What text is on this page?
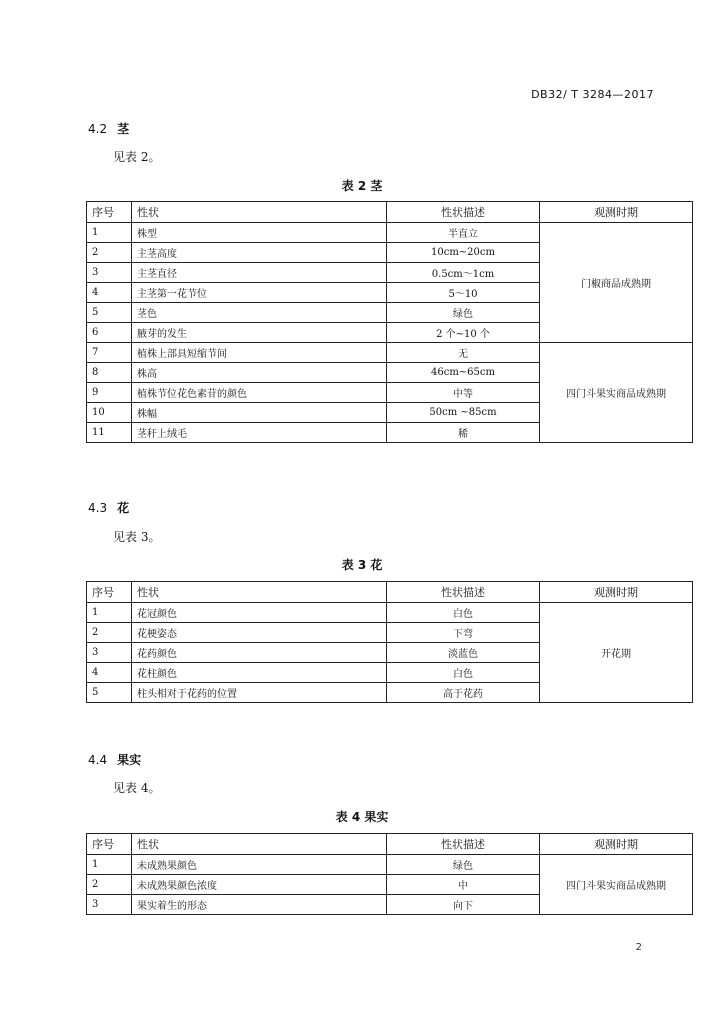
DB32/ T 3284—2017
4.2 茎
见表 2。
表 2 茎
序号	性状	性状描述	观测时期
1	株型	半直立	门椒商品成熟期
2	主茎高度	10cm~20cm	
3	主茎直径	0.5cm～1cm	
4	主茎第一花节位	5～10	
5	茎色	绿色	
6	腋芽的发生	2 个~10 个	
7	植株上部具短缩节间	无	四门斗果实商品成熟期
8	株高	46cm~65cm	
9	植株节位花色素苷的颜色	中等	
10	株幅	50cm ~85cm	
11	茎秆上绒毛	稀	
4.3 花
见表 3。
表 3 花
序号	性状	性状描述	观测时期
1	花冠颜色	白色	开花期
2	花梗姿态	下弯	
3	花药颜色	淡蓝色	
4	花柱颜色	白色	
5	柱头相对于花药的位置	高于花药	
4.4 果实
见表 4。
表 4 果实
序号	性状	性状描述	观测时期
1	未成熟果颜色	绿色	四门斗果实商品成熟期
2	未成熟果颜色浓度	中	
3	果实着生的形态	向下	
2
